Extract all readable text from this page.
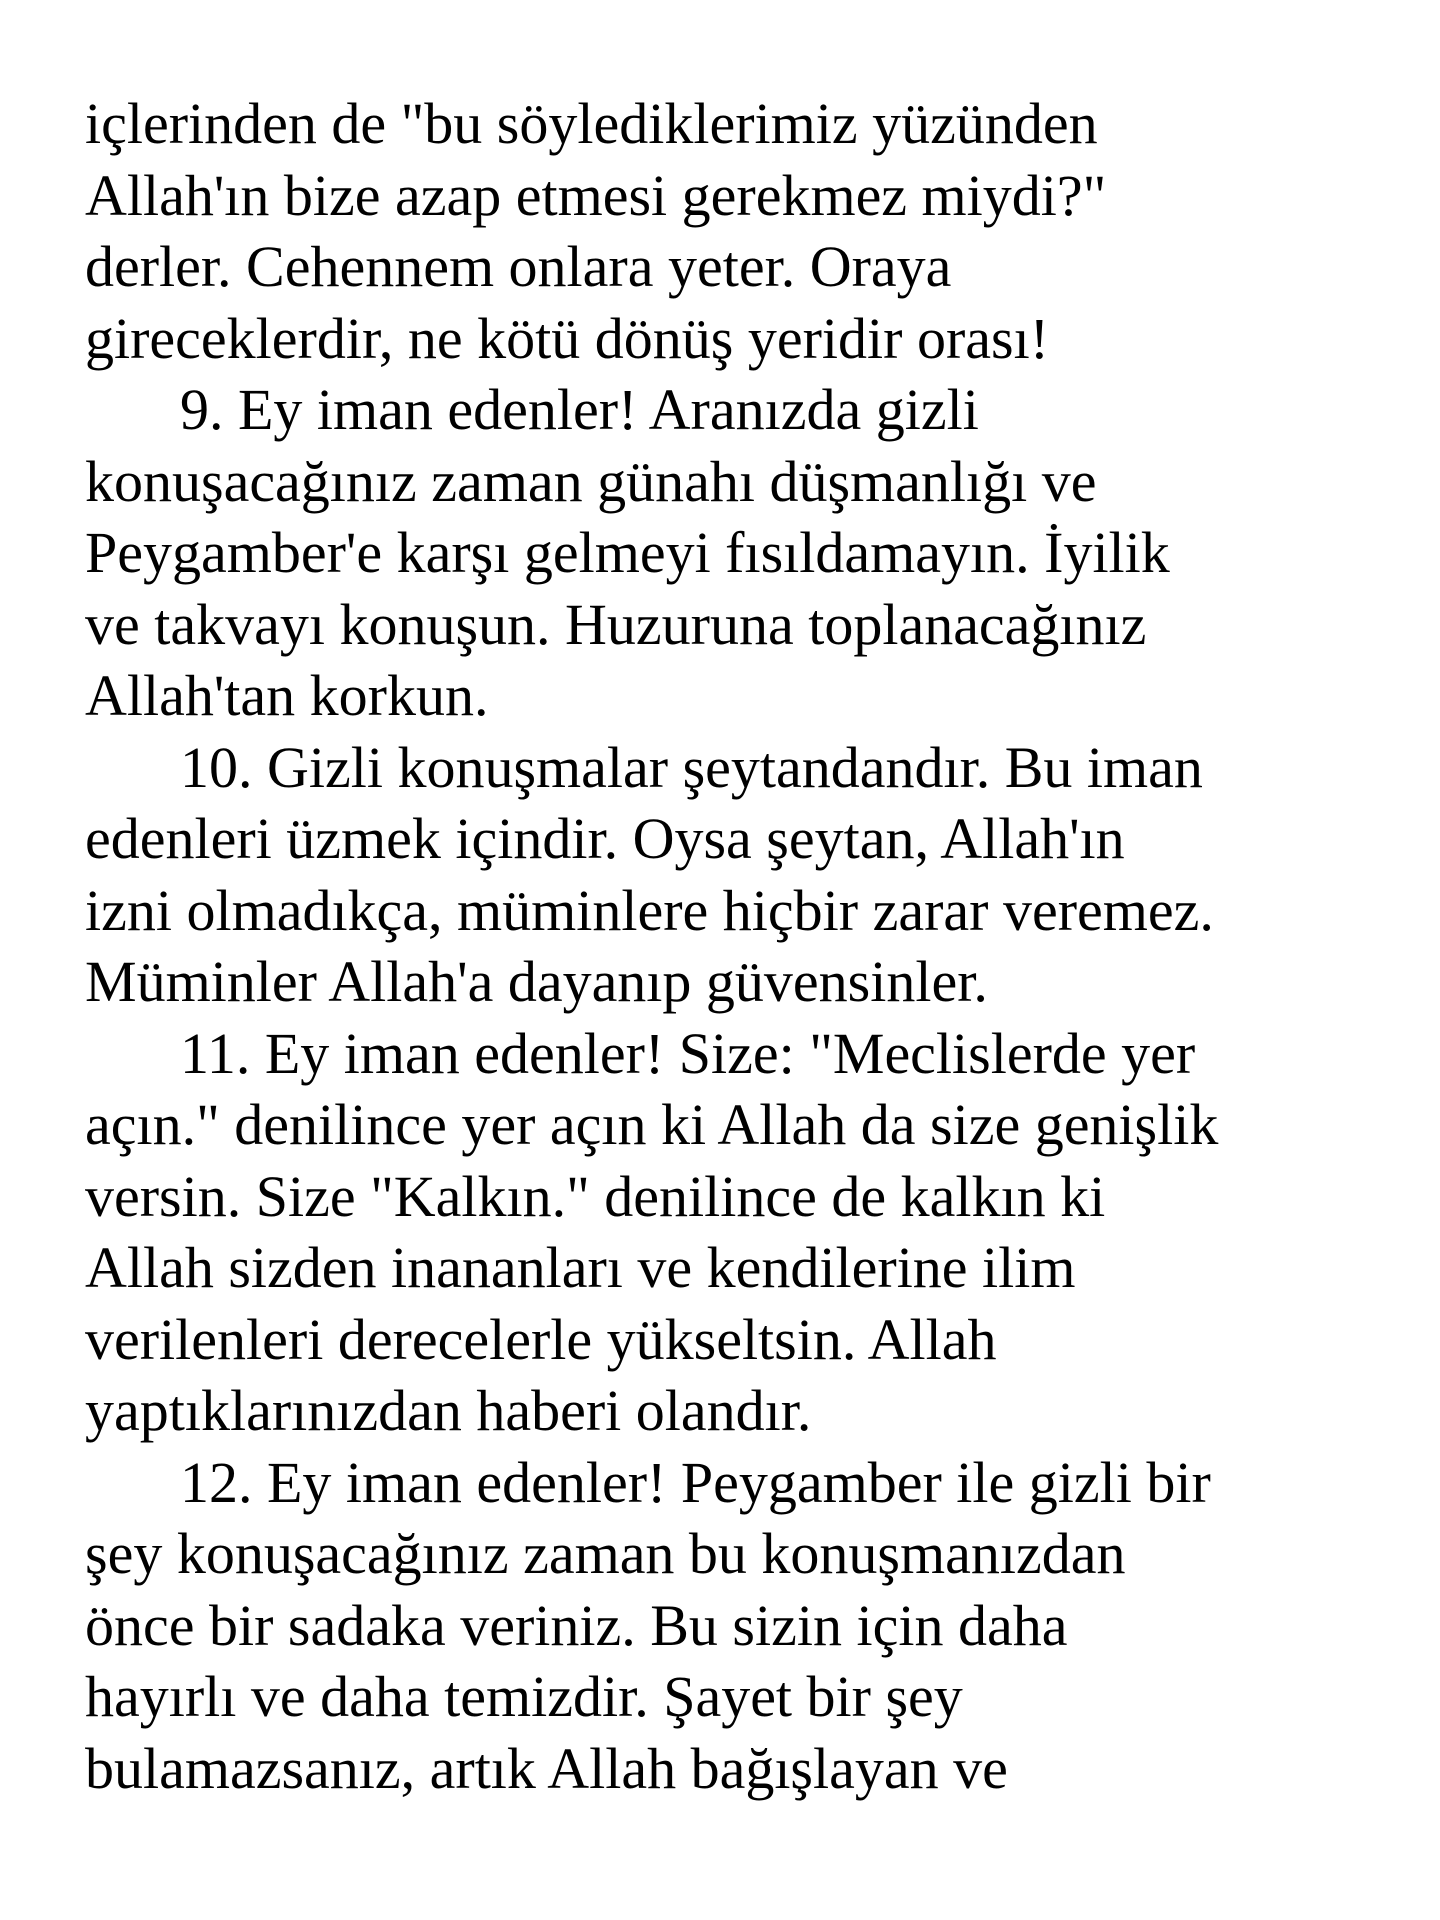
içlerinden de "bu söylediklerimiz yüzünden
Allah'ın bize azap etmesi gerekmez miydi?"
derler. Cehennem onlara yeter. Oraya
gireceklerdir, ne kötü dönüş yeridir orası!
9. Ey iman edenler! Aranızda gizli
konuşacağınız zaman günahı düşmanlığı ve
Peygamber'e karşı gelmeyi fısıldamayın. İyilik
ve takvayı konuşun. Huzuruna toplanacağınız
Allah'tan korkun.
10. Gizli konuşmalar şeytandandır. Bu iman
edenleri üzmek içindir. Oysa şeytan, Allah'ın
izni olmadıkça, müminlere hiçbir zarar veremez.
Müminler Allah'a dayanıp güvensinler.
11. Ey iman edenler! Size: "Meclislerde yer
açın." denilince yer açın ki Allah da size genişlik
versin. Size "Kalkın." denilince de kalkın ki
Allah sizden inananları ve kendilerine ilim
verilenleri derecelerle yükseltsin. Allah
yaptıklarınızdan haberi olandır.
12. Ey iman edenler! Peygamber ile gizli bir
şey konuşacağınız zaman bu konuşmanızdan
önce bir sadaka veriniz. Bu sizin için daha
hayırlı ve daha temizdir. Şayet bir şey
bulamazsanız, artık Allah bağışlayan ve
